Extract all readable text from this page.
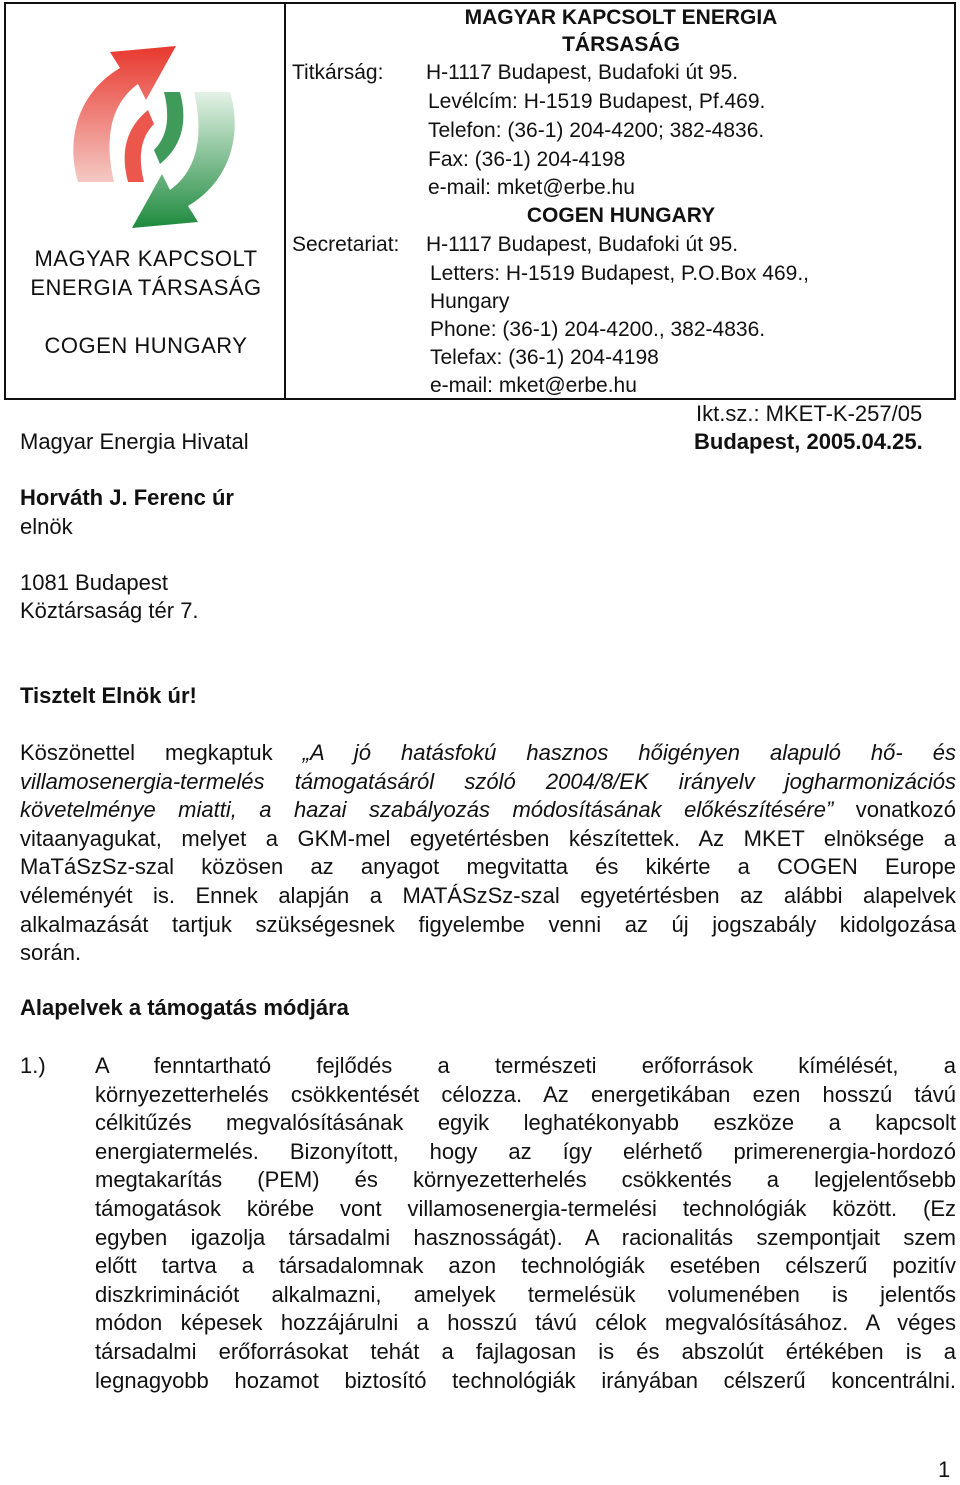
MAGYAR KAPCSOLT
ENERGIA TÁRSASÁG
COGEN HUNGARY
MAGYAR KAPCSOLT ENERGIA
TÁRSASÁG
Titkárság: H-1117 Budapest, Budafoki út 95.
Levélcím: H-1519 Budapest, Pf.469.
Telefon: (36-1) 204-4200; 382-4836.
Fax: (36-1) 204-4198
e-mail: mket@erbe.hu
COGEN HUNGARY
Secretariat: H-1117 Budapest, Budafoki út 95.
Letters: H-1519 Budapest, P.O.Box 469.,
Hungary
Phone: (36-1) 204-4200., 382-4836.
Telefax: (36-1) 204-4198
e-mail: mket@erbe.hu
Ikt.sz.: MKET-K-257/05
Budapest, 2005.04.25.
Magyar Energia Hivatal
Horváth J. Ferenc úr
elnök
1081 Budapest
Köztársaság tér 7.
Tisztelt Elnök úr!
Köszönettel megkaptuk „A jó hatásfokú hasznos hőigényen alapuló hő- és
villamosenergia-termelés támogatásáról szóló 2004/8/EK irányelv jogharmonizációs
követelménye miatti, a hazai szabályozás módosításának előkészítésére” vonatkozó
vitaanyagukat, melyet a GKM-mel egyetértésben készítettek. Az MKET elnöksége a
MaTáSzSz-szal közösen az anyagot megvitatta és kikérte a COGEN Europe
véleményét is. Ennek alapján a MATÁSzSz-szal egyetértésben az alábbi alapelvek
alkalmazását tartjuk szükségesnek figyelembe venni az új jogszabály kidolgozása
során.
Alapelvek a támogatás módjára
1.) A fenntartható fejlődés a természeti erőforrások kímélését, a
környezetterhelés csökkentését célozza. Az energetikában ezen hosszú távú
célkitűzés megvalósításának egyik leghatékonyabb eszköze a kapcsolt
energiatermelés. Bizonyított, hogy az így elérhető primerenergia-hordozó
megtakarítás (PEM) és környezetterhelés csökkentés a legjelentősebb
támogatások körébe vont villamosenergia-termelési technológiák között. (Ez
egyben igazolja társadalmi hasznosságát). A racionalitás szempontjait szem
előtt tartva a társadalomnak azon technológiák esetében célszerű pozitív
diszkriminációt alkalmazni, amelyek termelésük volumenében is jelentős
módon képesek hozzájárulni a hosszú távú célok megvalósításához. A véges
társadalmi erőforrásokat tehát a fajlagosan is és abszolút értékében is a
legnagyobb hozamot biztosító technológiák irányában célszerű koncentrálni.
1
